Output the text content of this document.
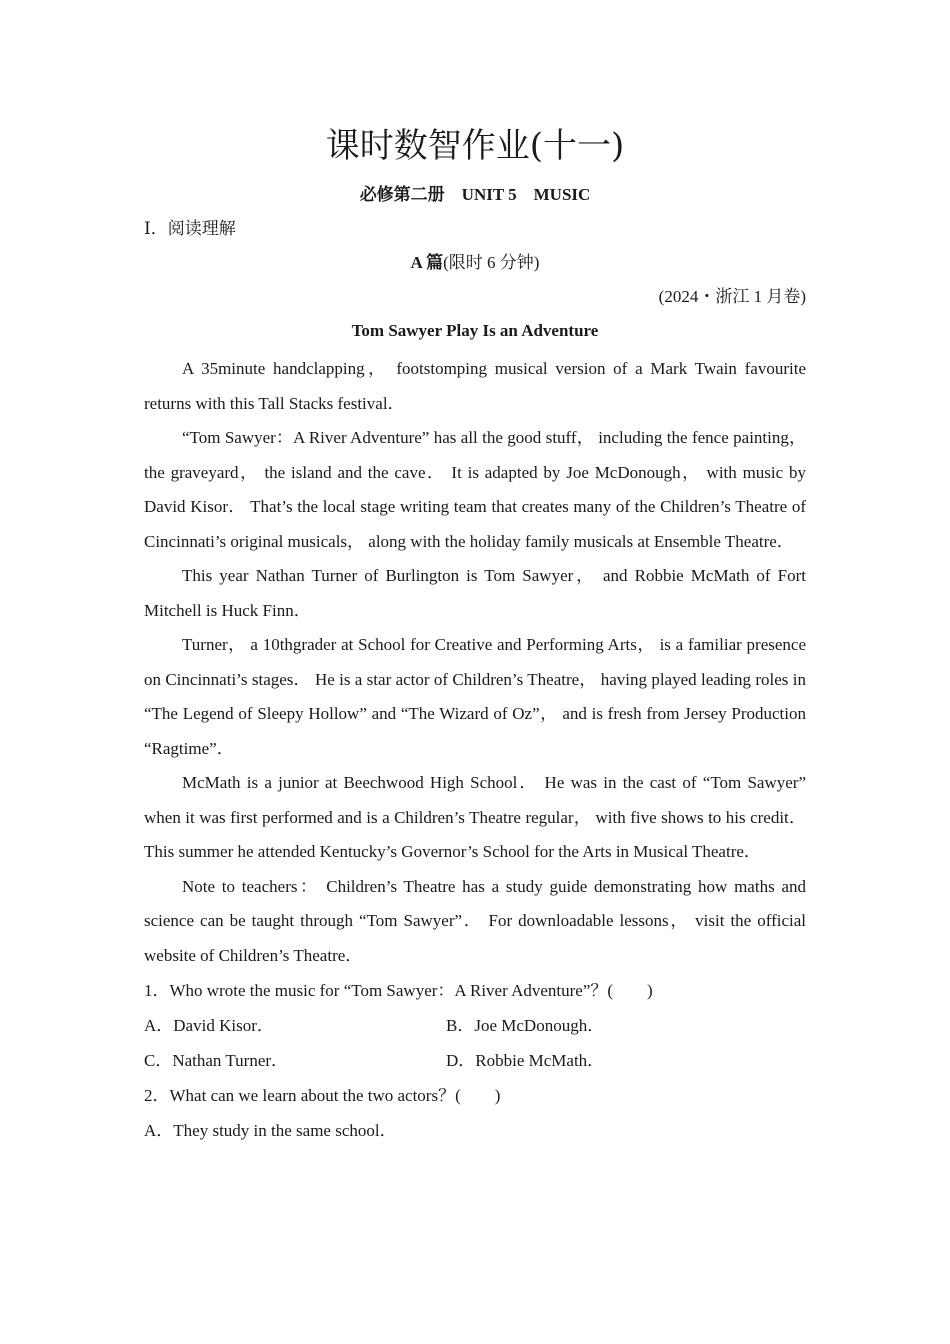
课时数智作业(十一)
必修第二册　UNIT 5　MUSIC
Ⅰ．阅读理解
A 篇(限时 6 分钟)
(2024・浙江 1 月卷)
Tom Sawyer Play Is an Adventure

A 35minute handclapping， footstomping musical version of a Mark Twain favourite returns with this Tall Stacks festival．

“Tom Sawyer：A River Adventure” has all the good stuff， including the fence painting， the graveyard， the island and the cave． It is adapted by Joe McDonough， with music by David Kisor． That’s the local stage writing team that creates many of the Children’s Theatre of Cincinnati’s original musicals， along with the holiday family musicals at Ensemble Theatre．

This year Nathan Turner of Burlington is Tom Sawyer， and Robbie McMath of Fort Mitchell is Huck Finn．

Turner， a 10thgrader at School for Creative and Performing Arts， is a familiar presence on Cincinnati’s stages． He is a star actor of Children’s Theatre， having played leading roles in “The Legend of Sleepy Hollow” and “The Wizard of Oz”， and is fresh from Jersey Production “Ragtime”．

McMath is a junior at Beechwood High School． He was in the cast of “Tom Sawyer” when it was first performed and is a Children’s Theatre regular， with five shows to his credit． This summer he attended Kentucky’s Governor’s School for the Arts in Musical Theatre．

Note to teachers： Children’s Theatre has a study guide demonstrating how maths and science can be taught through “Tom Sawyer”． For downloadable lessons， visit the official website of Children’s Theatre．

1．Who wrote the music for “Tom Sawyer：A River Adventure”？(　　)

A．David Kisor．	B．Joe McDonough．
C．Nathan Turner．	D．Robbie McMath．

2．What can we learn about the two actors？(　　)

A．They study in the same school．
